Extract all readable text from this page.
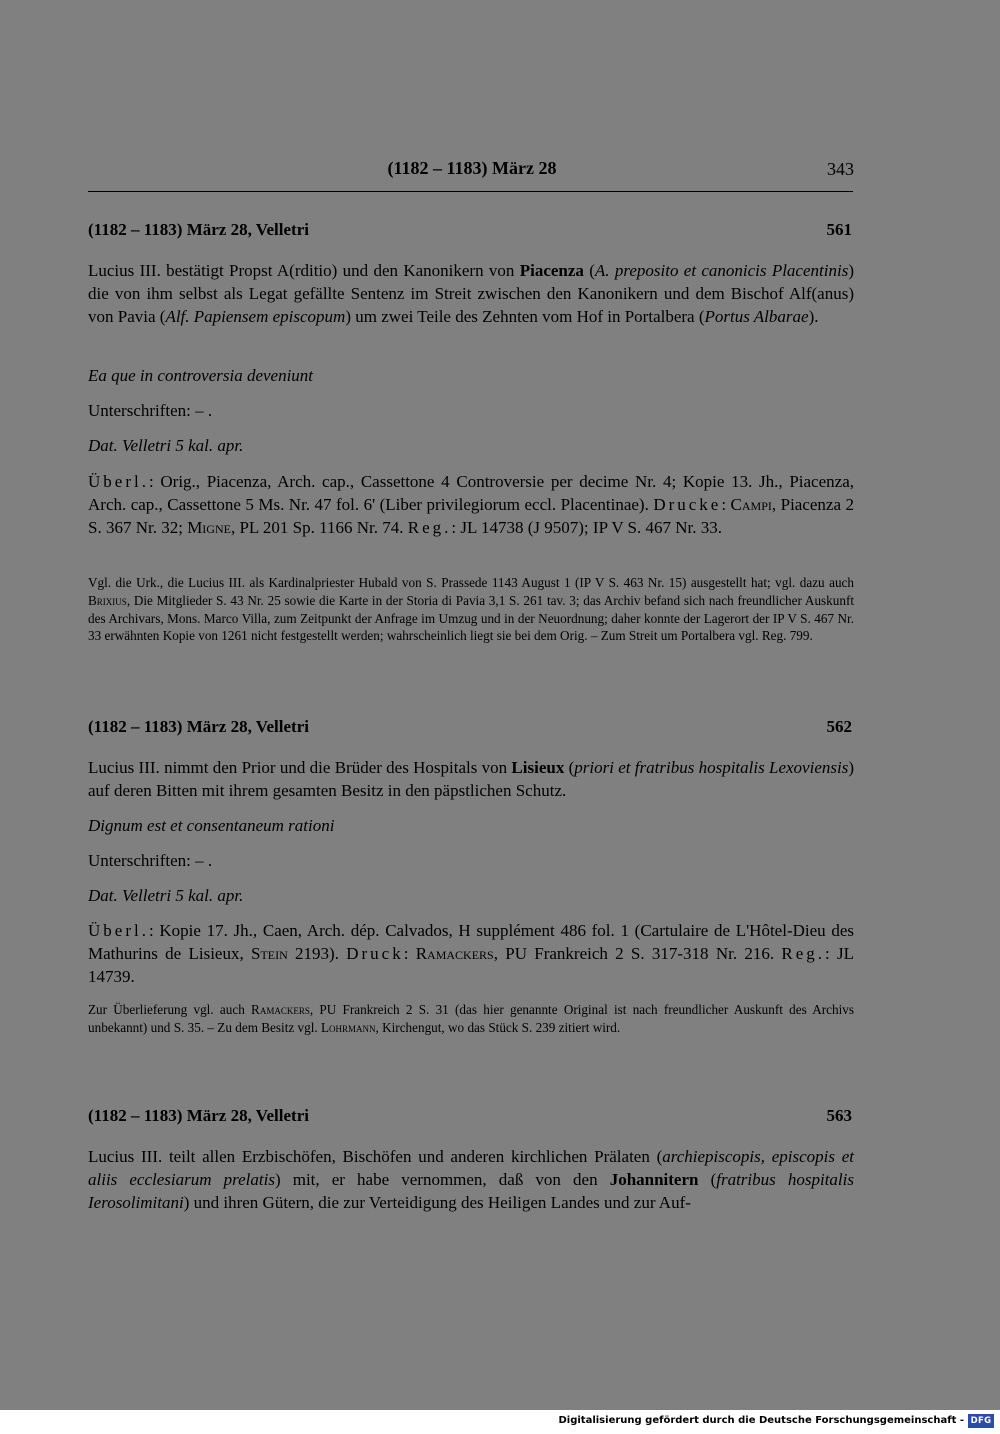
(1182 – 1183) März 28	343
(1182 – 1183) März 28, Velletri	561

Lucius III. bestätigt Propst A(rditio) und den Kanonikern von Piacenza (A. preposito et canonicis Placentinis) die von ihm selbst als Legat gefällte Sentenz im Streit zwischen den Kanonikern und dem Bischof Alf(anus) von Pavia (Alf. Papiensem episcopum) um zwei Teile des Zehnten vom Hof in Portalbera (Portus Albarae).

Ea que in controversia deveniunt

Unterschriften: – .

Dat. Velletri 5 kal. apr.

Überl.: Orig., Piacenza, Arch. cap., Cassettone 4 Controversie per decime Nr. 4; Kopie 13. Jh., Piacenza, Arch. cap., Cassettone 5 Ms. Nr. 47 fol. 6' (Liber privilegiorum eccl. Placentinae). Drucke: Campi, Piacenza 2 S. 367 Nr. 32; Migne, PL 201 Sp. 1166 Nr. 74. Reg.: JL 14738 (J 9507); IP V S. 467 Nr. 33.

Vgl. die Urk., die Lucius III. als Kardinalpriester Hubald von S. Prassede 1143 August 1 (IP V S. 463 Nr. 15) ausgestellt hat; vgl. dazu auch Brixius, Die Mitglieder S. 43 Nr. 25 sowie die Karte in der Storia di Pavia 3,1 S. 261 tav. 3; das Archiv befand sich nach freundlicher Auskunft des Archivars, Mons. Marco Villa, zum Zeitpunkt der Anfrage im Umzug und in der Neuordnung; daher konnte der Lagerort der IP V S. 467 Nr. 33 erwähnten Kopie von 1261 nicht festgestellt werden; wahrscheinlich liegt sie bei dem Orig. – Zum Streit um Portalbera vgl. Reg. 799.

(1182 – 1183) März 28, Velletri	562

Lucius III. nimmt den Prior und die Brüder des Hospitals von Lisieux (priori et fratribus hospitalis Lexoviensis) auf deren Bitten mit ihrem gesamten Besitz in den päpstlichen Schutz.

Dignum est et consentaneum rationi

Unterschriften: – .

Dat. Velletri 5 kal. apr.

Überl.: Kopie 17. Jh., Caen, Arch. dép. Calvados, H supplément 486 fol. 1 (Cartulaire de L'Hôtel-Dieu des Mathurins de Lisieux, Stein 2193). Druck: Ramackers, PU Frankreich 2 S. 317-318 Nr. 216. Reg.: JL 14739.

Zur Überlieferung vgl. auch Ramackers, PU Frankreich 2 S. 31 (das hier genannte Original ist nach freundlicher Auskunft des Archivs unbekannt) und S. 35. – Zu dem Besitz vgl. Lohrmann, Kirchengut, wo das Stück S. 239 zitiert wird.

(1182 – 1183) März 28, Velletri	563

Lucius III. teilt allen Erzbischöfen, Bischöfen und anderen kirchlichen Prälaten (archiepiscopis, episcopis et aliis ecclesiarum prelatis) mit, er habe vernommen, daß von den Johannitern (fratribus hospitalis Ierosolimitani) und ihren Gütern, die zur Verteidigung des Heiligen Landes und zur Auf-

Digitalisierung gefördert durch die Deutsche Forschungsgemeinschaft - DFG
